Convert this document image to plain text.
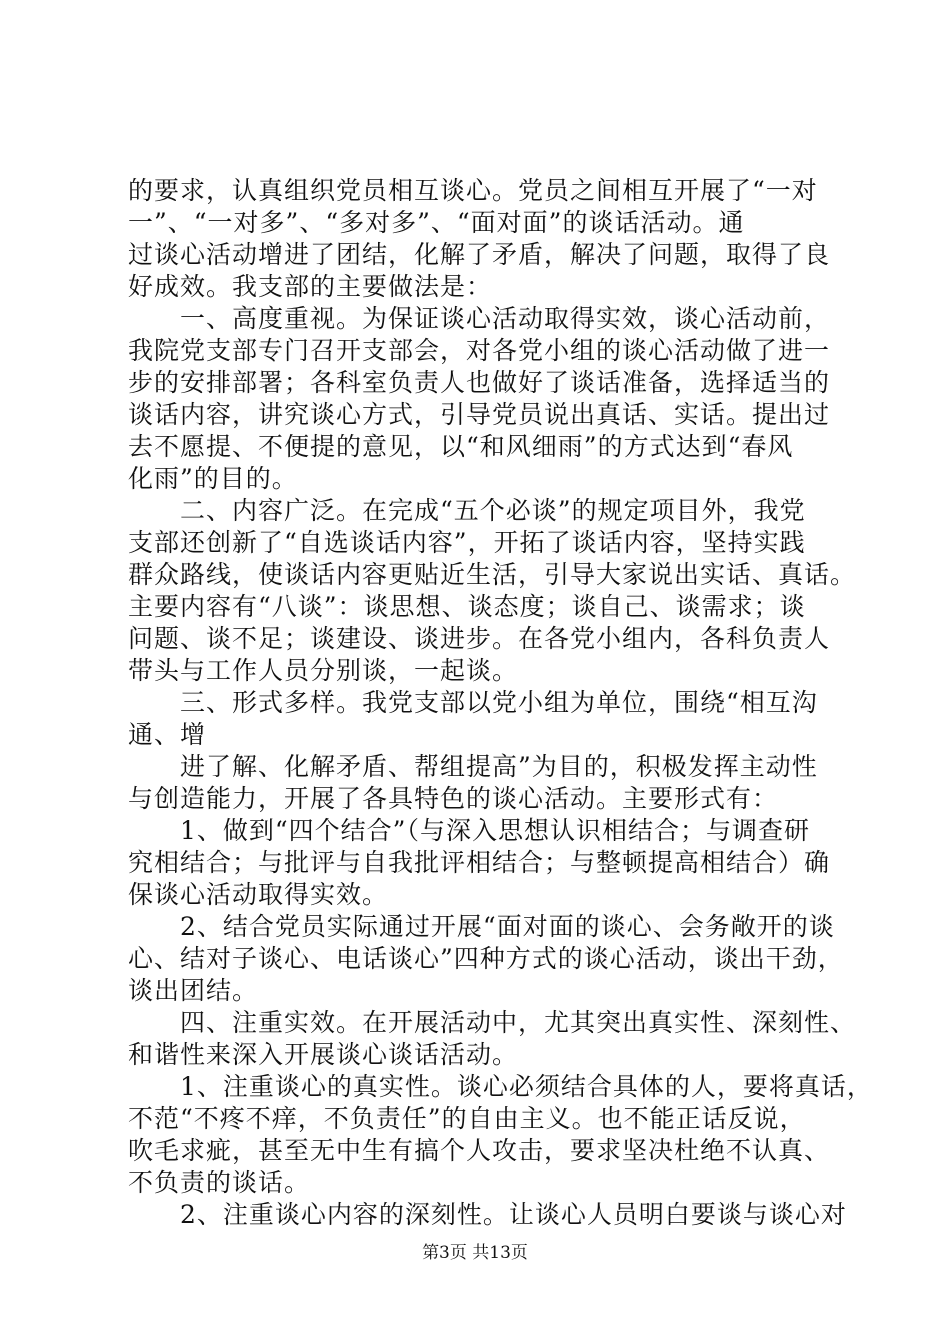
的要求，认真组织党员相互谈心。党员之间相互开展了“一对
一”、“一对多”、“多对多”、“面对面”的谈话活动。通
过谈心活动增进了团结，化解了矛盾，解决了问题，取得了良
好成效。我支部的主要做法是：
　　一、高度重视。为保证谈心活动取得实效，谈心活动前，
我院党支部专门召开支部会，对各党小组的谈心活动做了进一
步的安排部署；各科室负责人也做好了谈话准备，选择适当的
谈话内容，讲究谈心方式，引导党员说出真话、实话。提出过
去不愿提、不便提的意见，以“和风细雨”的方式达到“春风
化雨”的目的。
　　二、内容广泛。在完成“五个必谈”的规定项目外，我党
支部还创新了“自选谈话内容”，开拓了谈话内容，坚持实践
群众路线，使谈话内容更贴近生活，引导大家说出实话、真话。
主要内容有“八谈”：谈思想、谈态度；谈自己、谈需求；谈
问题、谈不足；谈建设、谈进步。在各党小组内，各科负责人
带头与工作人员分别谈，一起谈。
　　三、形式多样。我党支部以党小组为单位，围绕“相互沟
通、增
　　进了解、化解矛盾、帮组提高”为目的，积极发挥主动性
与创造能力，开展了各具特色的谈心活动。主要形式有：
　　1、做到“四个结合”（与深入思想认识相结合；与调查研
究相结合；与批评与自我批评相结合；与整顿提高相结合）确
保谈心活动取得实效。
　　2、结合党员实际通过开展“面对面的谈心、会务敞开的谈
心、结对子谈心、电话谈心”四种方式的谈心活动，谈出干劲，
谈出团结。
　　四、注重实效。在开展活动中，尤其突出真实性、深刻性、
和谐性来深入开展谈心谈话活动。
　　1、注重谈心的真实性。谈心必须结合具体的人，要将真话，
不范“不疼不痒，不负责任”的自由主义。也不能正话反说，
吹毛求疵，甚至无中生有搞个人攻击，要求坚决杜绝不认真、
不负责的谈话。
　　2、注重谈心内容的深刻性。让谈心人员明白要谈与谈心对
第3页 共13页
